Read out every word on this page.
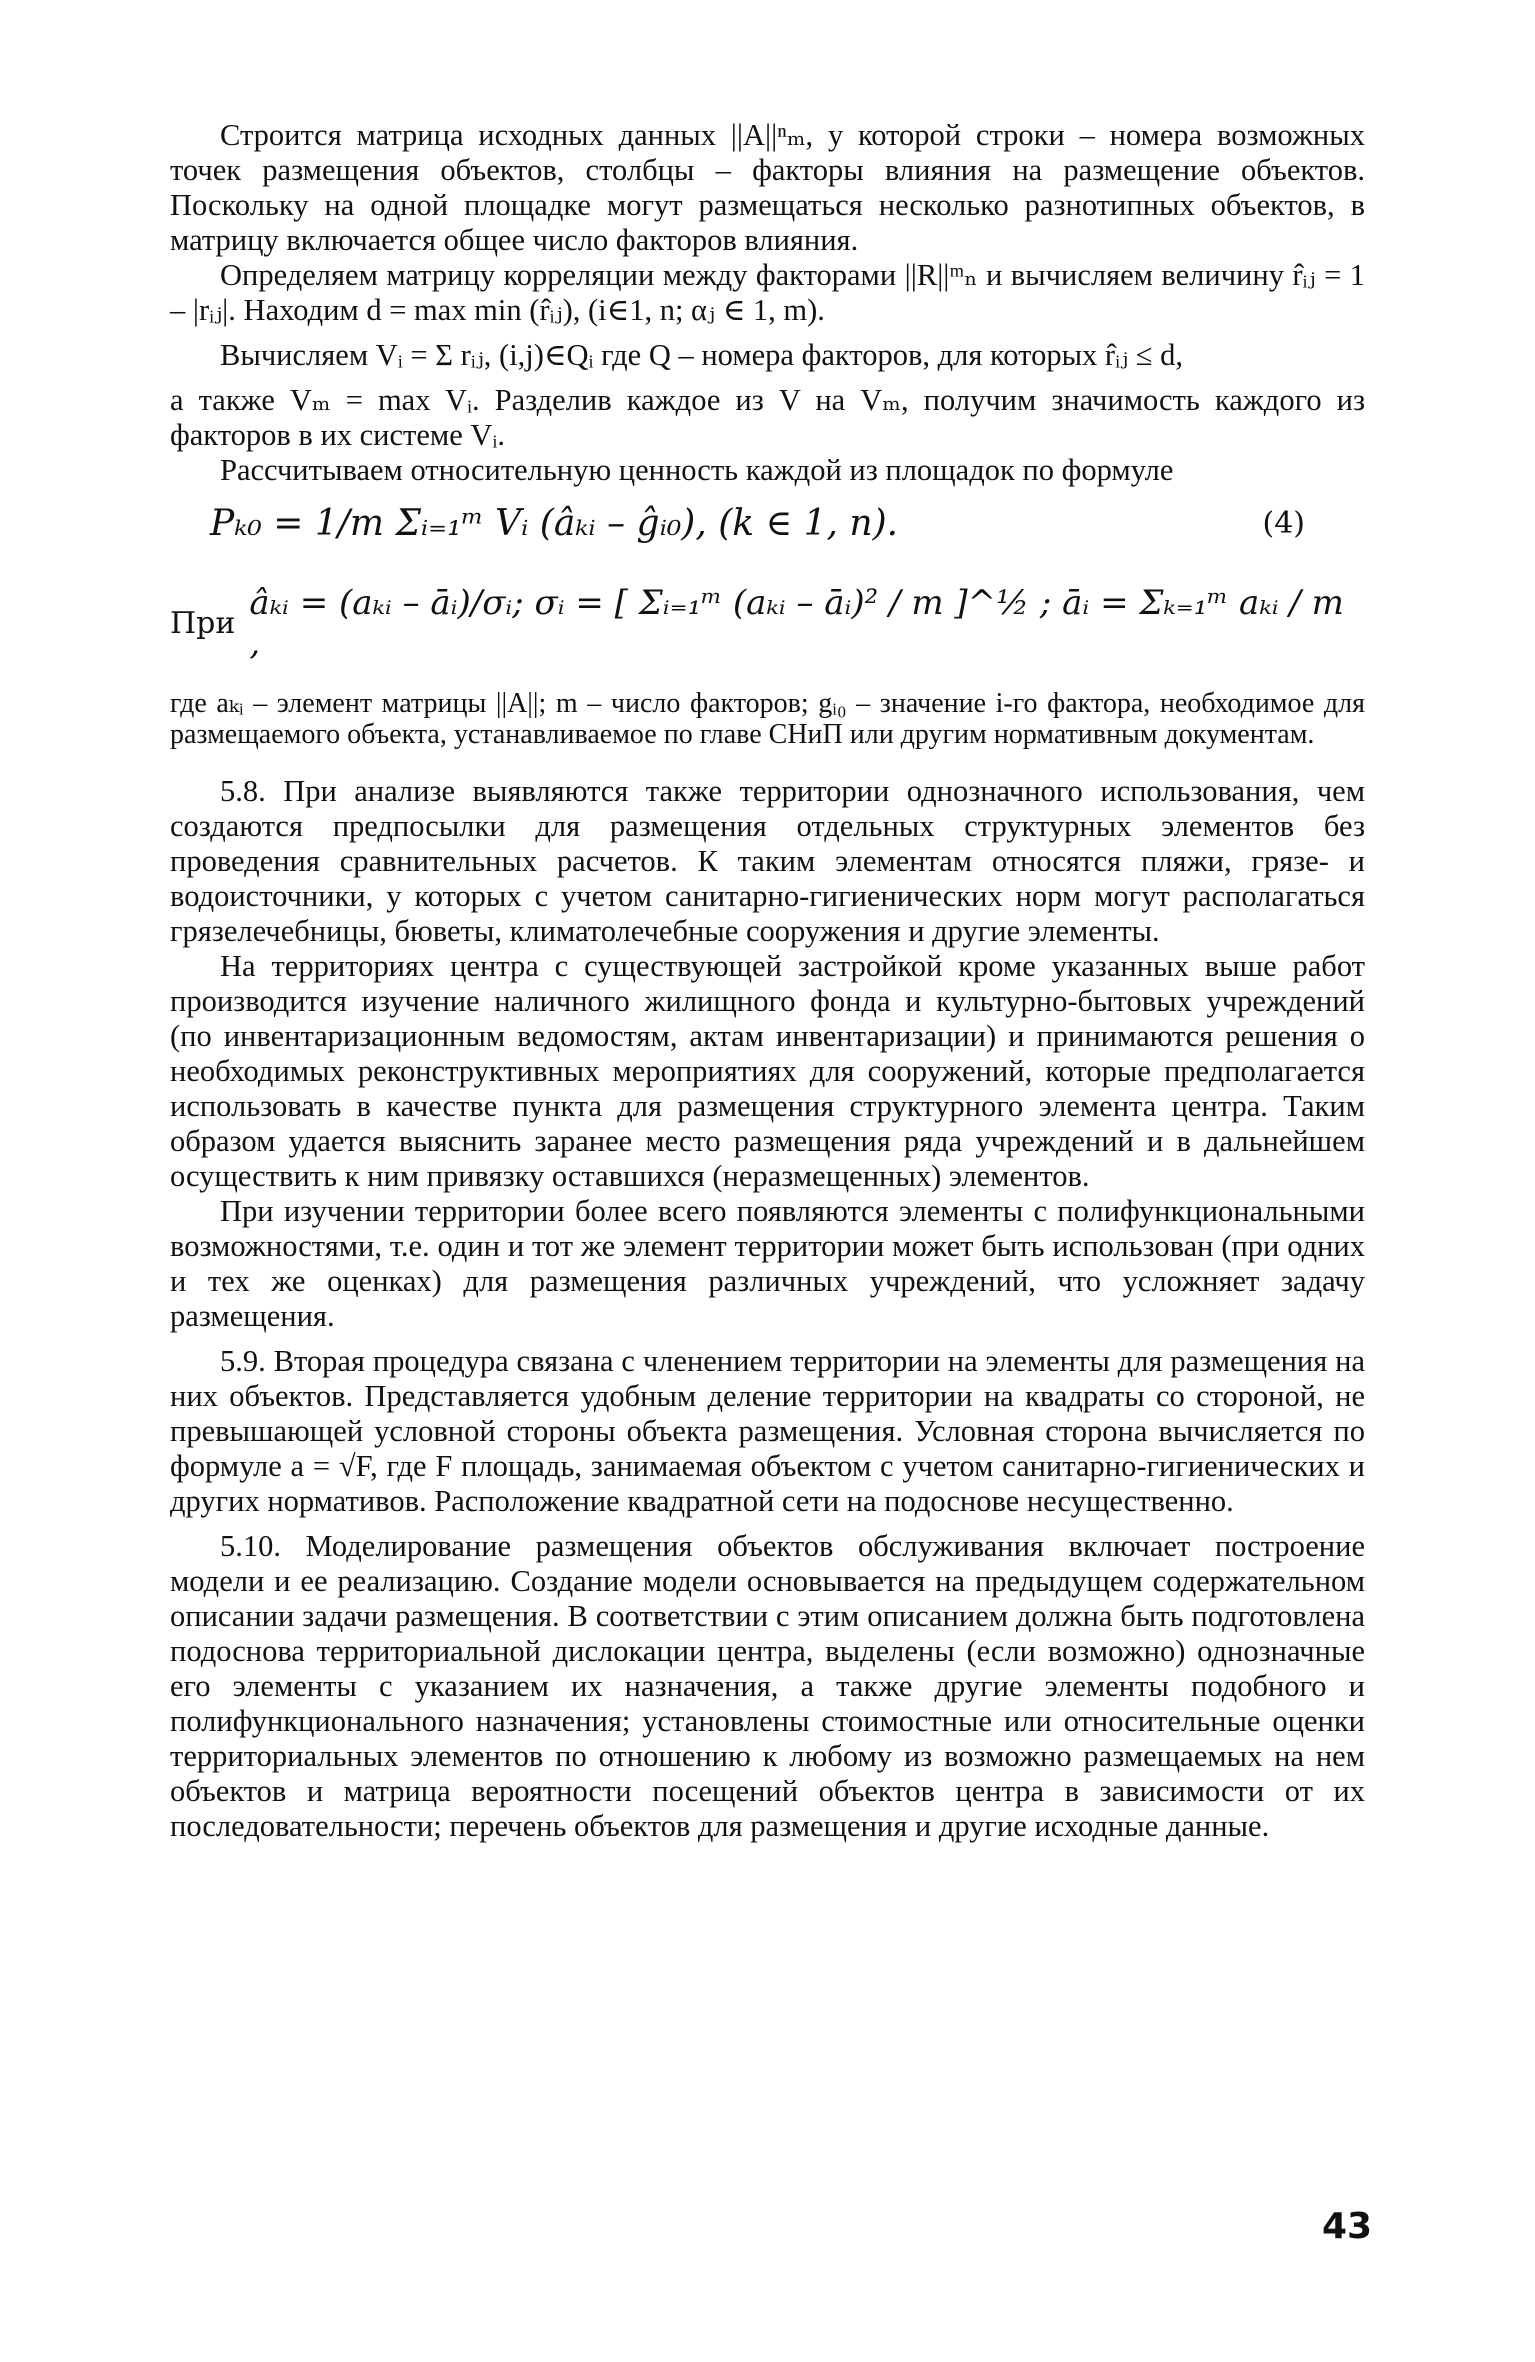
Строится матрица исходных данных ||A||ⁿₘ, у которой строки – номера возможных точек размещения объектов, столбцы – факторы влияния на размещение объектов. Поскольку на одной площадке могут размещаться несколько разнотипных объектов, в матрицу включается общее число факторов влияния.

Определяем матрицу корреляции между факторами ||R||ᵐₙ и вычисляем величину r̂ᵢⱼ = 1 – |rᵢⱼ|. Находим d = max min (r̂ᵢⱼ), (i∈1, n; αⱼ ∈ 1, m).

Вычисляем Vᵢ = Σ rᵢⱼ, (i,j)∈Qᵢ где Q – номера факторов, для которых r̂ᵢⱼ ≤ d,

а также Vₘ = max Vᵢ. Разделив каждое из V на Vₘ, получим значимость каждого из факторов в их системе Vᵢ.

Рассчитываем относительную ценность каждой из площадок по формуле

Pₖ₀ = 1/m Σᵢ₌₁ᵐ Vᵢ (âₖᵢ – ĝᵢ₀), (k ∈ 1, n).	(4)
При âₖᵢ = (aₖᵢ – āᵢ)/σᵢ; σᵢ = [ Σᵢ₌₁ᵐ (aₖᵢ – āᵢ)² / m ]^½ ; āᵢ = Σₖ₌₁ᵐ aₖᵢ / m ,

где aₖᵢ – элемент матрицы ||A||; m – число факторов; gᵢ₀ – значение i-го фактора, необходимое для размещаемого объекта, устанавливаемое по главе СНиП или другим нормативным документам.

5.8. При анализе выявляются также территории однозначного использования, чем создаются предпосылки для размещения отдельных структурных элементов без проведения сравнительных расчетов. К таким элементам относятся пляжи, грязе- и водоисточники, у которых с учетом санитарно-гигиенических норм могут располагаться грязелечебницы, бюветы, климатолечебные сооружения и другие элементы.

На территориях центра с существующей застройкой кроме указанных выше работ производится изучение наличного жилищного фонда и культурно-бытовых учреждений (по инвентаризационным ведомостям, актам инвентаризации) и принимаются решения о необходимых реконструктивных мероприятиях для сооружений, которые предполагается использовать в качестве пункта для размещения структурного элемента центра. Таким образом удается выяснить заранее место размещения ряда учреждений и в дальнейшем осуществить к ним привязку оставшихся (неразмещенных) элементов.

При изучении территории более всего появляются элементы с полифункциональными возможностями, т.е. один и тот же элемент территории может быть использован (при одних и тех же оценках) для размещения различных учреждений, что усложняет задачу размещения.

5.9. Вторая процедура связана с членением территории на элементы для размещения на них объектов. Представляется удобным деление территории на квадраты со стороной, не превышающей условной стороны объекта размещения. Условная сторона вычисляется по формуле a = √F, где F площадь, занимаемая объектом с учетом санитарно-гигиенических и других нормативов. Расположение квадратной сети на подоснове несущественно.

5.10. Моделирование размещения объектов обслуживания включает построение модели и ее реализацию. Создание модели основывается на предыдущем содержательном описании задачи размещения. В соответствии с этим описанием должна быть подготовлена подоснова территориальной дислокации центра, выделены (если возможно) однозначные его элементы с указанием их назначения, а также другие элементы подобного и полифункционального назначения; установлены стоимостные или относительные оценки территориальных элементов по отношению к любому из возможно размещаемых на нем объектов и матрица вероятности посещений объектов центра в зависимости от их последовательности; перечень объектов для размещения и другие исходные данные.

43
